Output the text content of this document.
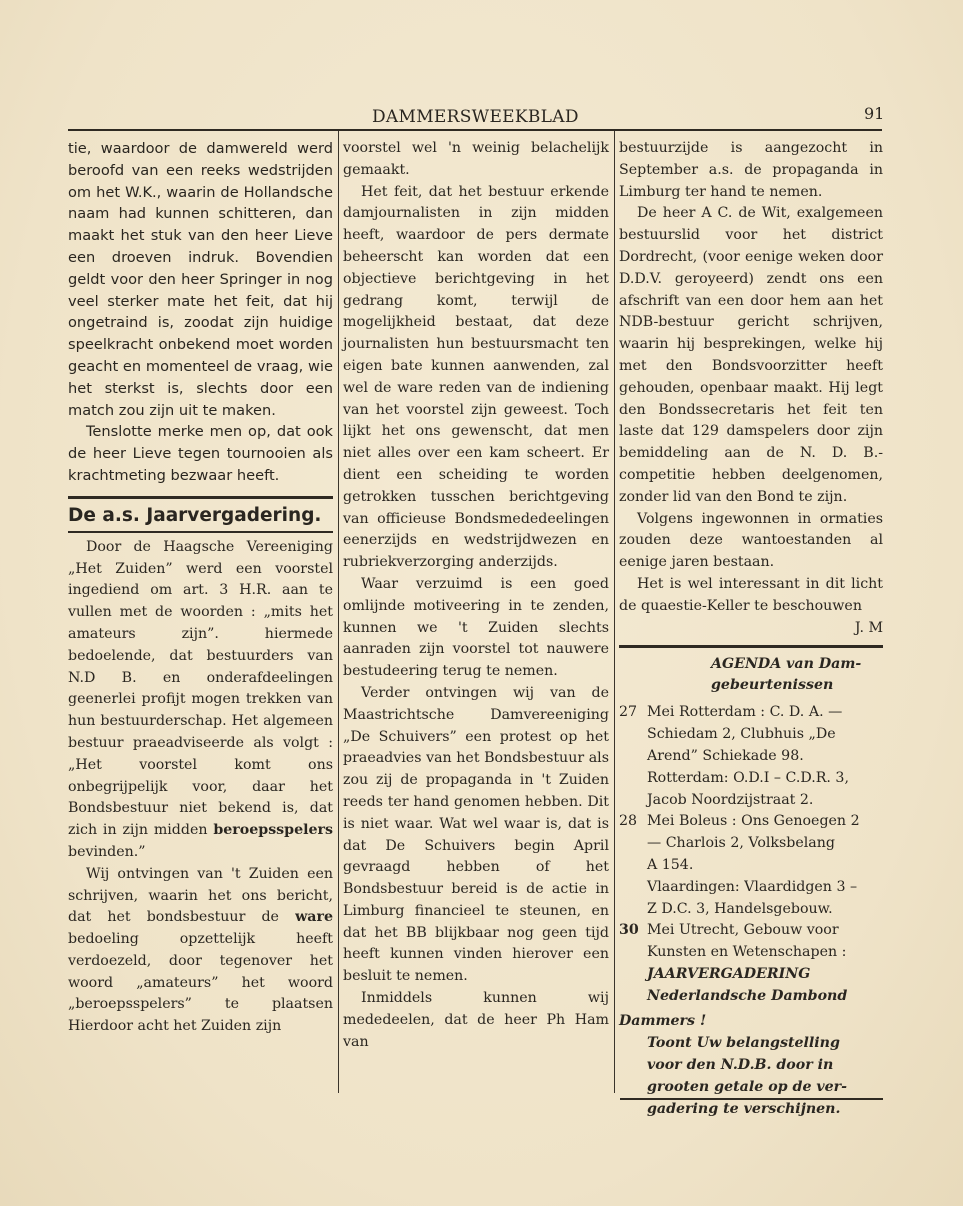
DAMMERSWEEKBLAD	91

tie, waardoor de damwereld werd beroofd van een reeks wedstrijden om het W.K., waarin de Hollandsche naam had kunnen schitteren, dan maakt het stuk van den heer Lieve een droeven indruk. Bovendien geldt voor den heer Springer in nog veel sterker mate het feit, dat hij ongetraind is, zoodat zijn huidige speelkracht onbekend moet worden geacht en momenteel de vraag, wie het sterkst is, slechts door een match zou zijn uit te maken.

Tenslotte merke men op, dat ook de heer Lieve tegen tournooien als krachtmeting bezwaar heeft.

De a.s. Jaarvergadering.

Door de Haagsche Vereeniging „Het Zuiden” werd een voorstel ingediend om art. 3 H.R. aan te vullen met de woorden : „mits het amateurs zijn”. hiermede bedoelende, dat bestuurders van N.D B. en onderafdeelingen geenerlei profijt mogen trekken van hun bestuurderschap. Het algemeen bestuur praeadviseerde als volgt : „Het voorstel komt ons onbegrijpelijk voor, daar het Bondsbestuur niet bekend is, dat zich in zijn midden beroepsspelers bevinden.”

Wij ontvingen van 't Zuiden een schrijven, waarin het ons bericht, dat het bondsbestuur de ware bedoeling opzettelijk heeft verdoezeld, door tegenover het woord „amateurs” het woord „beroepsspelers” te plaatsen Hierdoor acht het Zuiden zijn

voorstel wel 'n weinig belachelijk gemaakt.

Het feit, dat het bestuur erkende damjournalisten in zijn midden heeft, waardoor de pers dermate beheerscht kan worden dat een objectieve berichtgeving in het gedrang komt, terwijl de mogelijkheid bestaat, dat deze journalisten hun bestuursmacht ten eigen bate kunnen aanwenden, zal wel de ware reden van de indiening van het voorstel zijn geweest. Toch lijkt het ons gewenscht, dat men niet alles over een kam scheert. Er dient een scheiding te worden getrokken tusschen berichtgeving van officieuse Bondsmededeelingen eenerzijds en wedstrijdwezen en rubriekverzorging anderzijds.

Waar verzuimd is een goed omlijnde motiveering in te zenden, kunnen we 't Zuiden slechts aanraden zijn voorstel tot nauwere bestudeering terug te nemen.

Verder ontvingen wij van de Maastrichtsche Damvereeniging „De Schuivers” een protest op het praeadvies van het Bondsbestuur als zou zij de propaganda in 't Zuiden reeds ter hand genomen hebben. Dit is niet waar. Wat wel waar is, dat is dat De Schuivers begin April gevraagd hebben of het Bondsbestuur bereid is de actie in Limburg financieel te steunen, en dat het BB blijkbaar nog geen tijd heeft kunnen vinden hierover een besluit te nemen.

Inmiddels kunnen wij mededeelen, dat de heer Ph Ham van

bestuurzijde is aangezocht in September a.s. de propaganda in Limburg ter hand te nemen.

De heer A C. de Wit, exalgemeen bestuurslid voor het district Dordrecht, (voor eenige weken door D.D.V. geroyeerd) zendt ons een afschrift van een door hem aan het NDB-bestuur gericht schrijven, waarin hij besprekingen, welke hij met den Bondsvoorzitter heeft gehouden, openbaar maakt. Hij legt den Bondssecretaris het feit ten laste dat 129 damspelers door zijn bemiddeling aan de N. D. B.-competitie hebben deelgenomen, zonder lid van den Bond te zijn.

Volgens ingewonnen in ormaties zouden deze wantoestanden al eenige jaren bestaan.

Het is wel interessant in dit licht de quaestie-Keller te beschouwen

J. M

AGENDA van Dam-
gebeurtenissen

27 Mei Rotterdam : C. D. A. —
Schiedam 2, Clubhuis „De
Arend” Schiekade 98.
Rotterdam: O.D.I – C.D.R. 3,
Jacob Noordzijstraat 2.
28 Mei Boleus : Ons Genoegen 2
— Charlois 2, Volksbelang
A 154.
Vlaardingen: Vlaardidgen 3 –
Z D.C. 3, Handelsgebouw.
30 Mei Utrecht, Gebouw voor
Kunsten en Wetenschapen :
JAARVERGADERING
Nederlandsche Dambond

Dammers !

Toont Uw belangstelling
voor den N.D.B. door in
grooten getale op de ver-
gadering te verschijnen.
